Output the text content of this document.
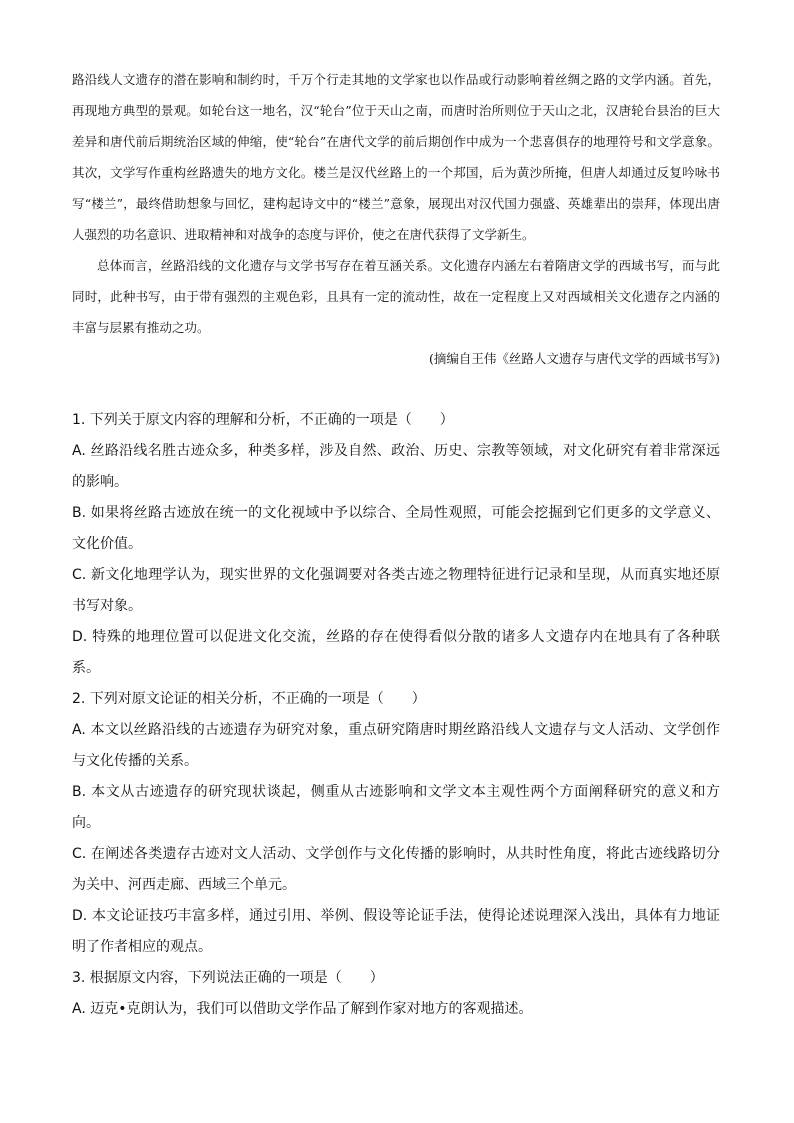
路沿线人文遗存的潜在影响和制约时，千万个行走其地的文学家也以作品或行动影响着丝绸之路的文学内涵。首先，再现地方典型的景观。如轮台这一地名，汉“轮台”位于天山之南，而唐时治所则位于天山之北，汉唐轮台县治的巨大差异和唐代前后期统治区域的伸缩，使“轮台”在唐代文学的前后期创作中成为一个悲喜俱存的地理符号和文学意象。其次，文学写作重构丝路遗失的地方文化。楼兰是汉代丝路上的一个邦国，后为黄沙所掩，但唐人却通过反复吟咏书写“楼兰”，最终借助想象与回忆，建构起诗文中的“楼兰”意象，展现出对汉代国力强盛、英雄辈出的崇拜，体现出唐人强烈的功名意识、进取精神和对战争的态度与评价，使之在唐代获得了文学新生。

总体而言，丝路沿线的文化遗存与文学书写存在着互涵关系。文化遗存内涵左右着隋唐文学的西域书写，而与此同时，此种书写，由于带有强烈的主观色彩，且具有一定的流动性，故在一定程度上又对西域相关文化遗存之内涵的丰富与层累有推动之功。

(摘编自王伟《丝路人文遗存与唐代文学的西域书写》)

1. 下列关于原文内容的理解和分析，不正确的一项是（　　）

A. 丝路沿线名胜古迹众多，种类多样，涉及自然、政治、历史、宗教等领域，对文化研究有着非常深远的影响。

B. 如果将丝路古迹放在统一的文化视域中予以综合、全局性观照，可能会挖掘到它们更多的文学意义、文化价值。

C. 新文化地理学认为，现实世界的文化强调要对各类古迹之物理特征进行记录和呈现，从而真实地还原书写对象。

D. 特殊的地理位置可以促进文化交流，丝路的存在使得看似分散的诸多人文遗存内在地具有了各种联系。

2. 下列对原文论证的相关分析，不正确的一项是（　　）

A. 本文以丝路沿线的古迹遗存为研究对象，重点研究隋唐时期丝路沿线人文遗存与文人活动、文学创作与文化传播的关系。

B. 本文从古迹遗存的研究现状谈起，侧重从古迹影响和文学文本主观性两个方面阐释研究的意义和方向。

C. 在阐述各类遗存古迹对文人活动、文学创作与文化传播的影响时，从共时性角度，将此古迹线路切分为关中、河西走廊、西域三个单元。

D. 本文论证技巧丰富多样，通过引用、举例、假设等论证手法，使得论述说理深入浅出，具体有力地证明了作者相应的观点。

3. 根据原文内容，下列说法正确的一项是（　　）

A. 迈克•克朗认为，我们可以借助文学作品了解到作家对地方的客观描述。
